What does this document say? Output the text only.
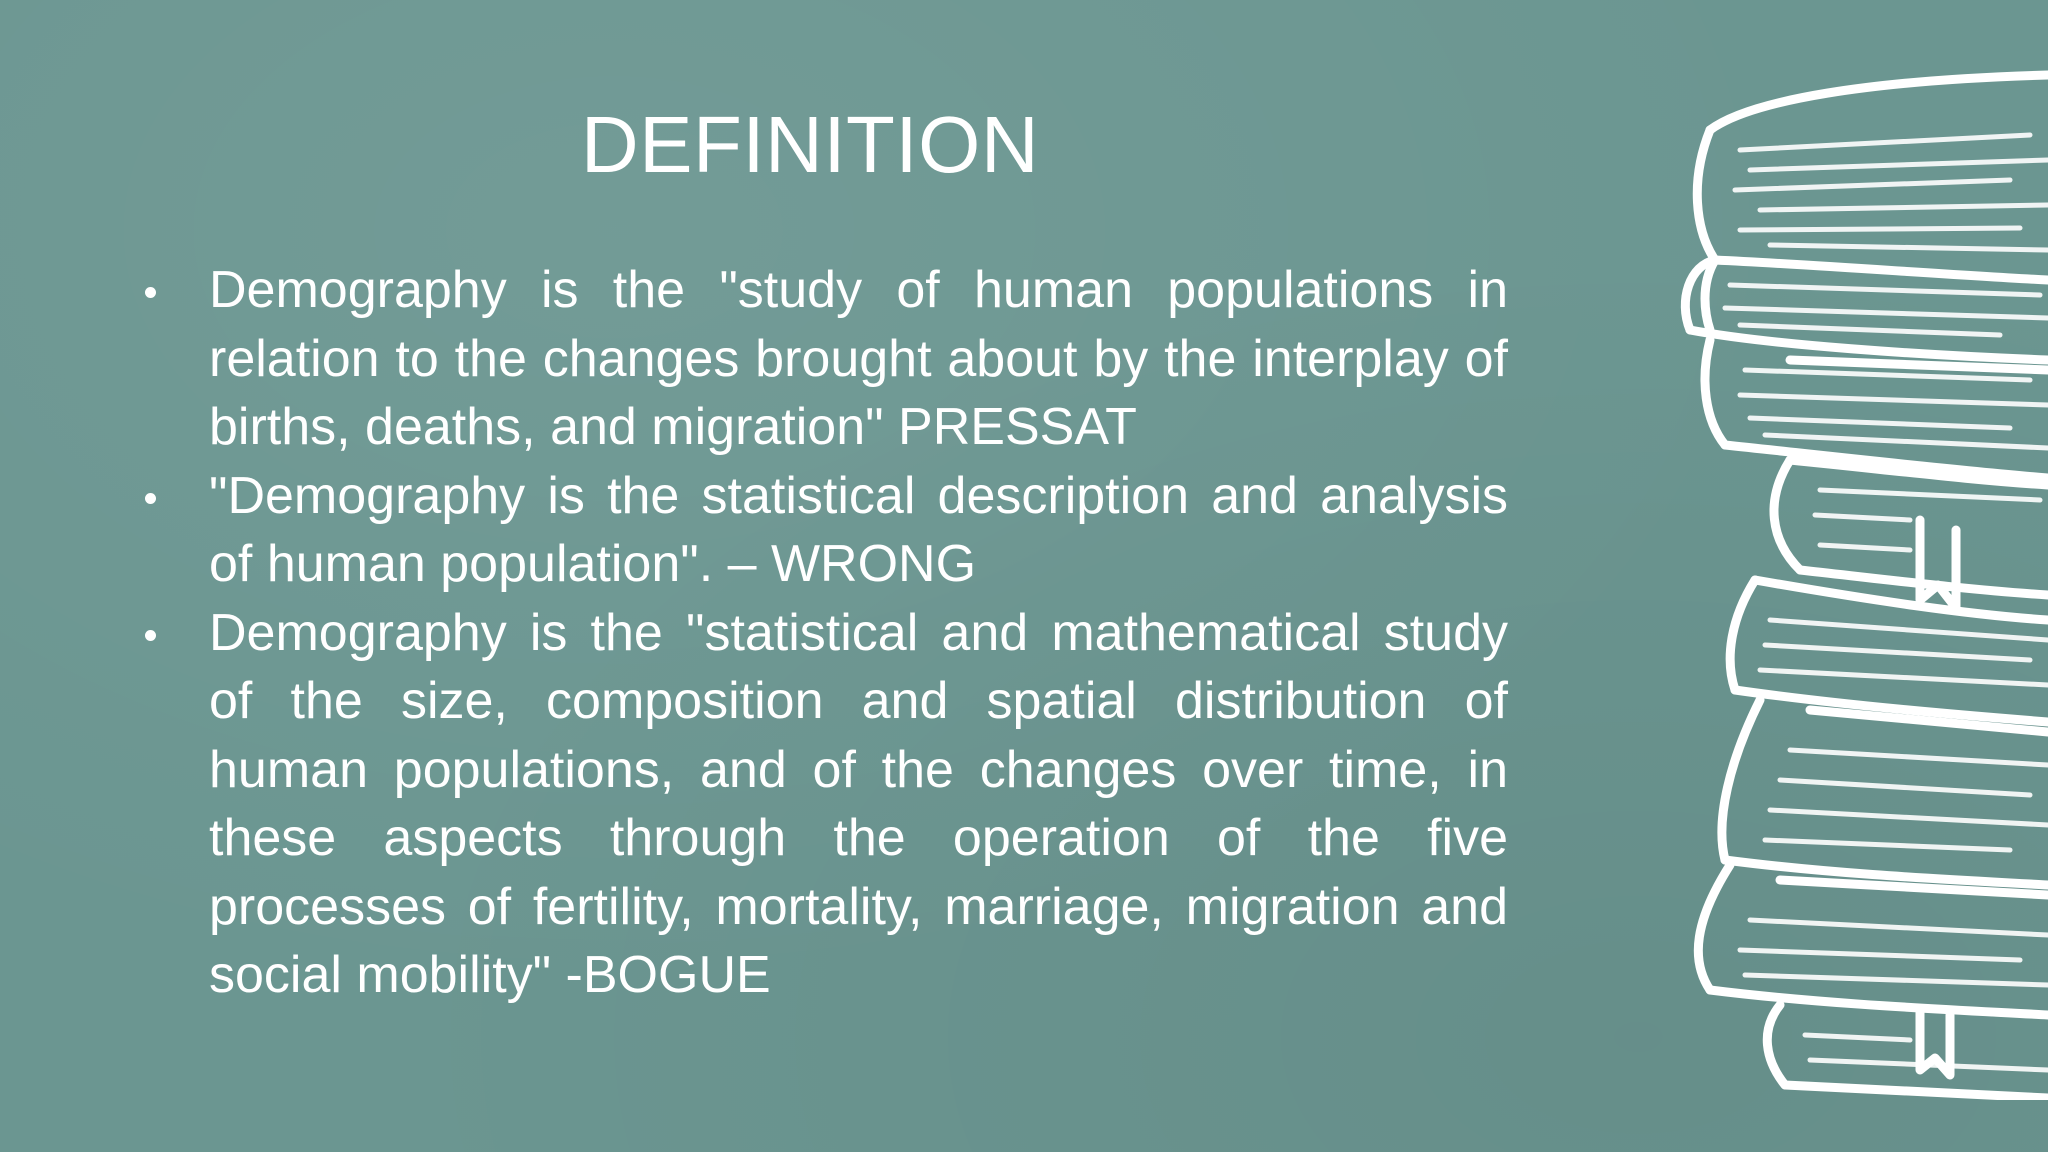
DEFINITION
Demography is the "study of human populations in relation to the changes brought about by the interplay of births, deaths, and migration" PRESSAT
"Demography is the statistical description and analysis of human population". – WRONG
Demography is the "statistical and mathematical study of the size, composition and spatial distribution of human populations, and of the changes over time, in these aspects through the operation of the five processes of fertility, mortality, marriage, migration and social mobility" -BOGUE
